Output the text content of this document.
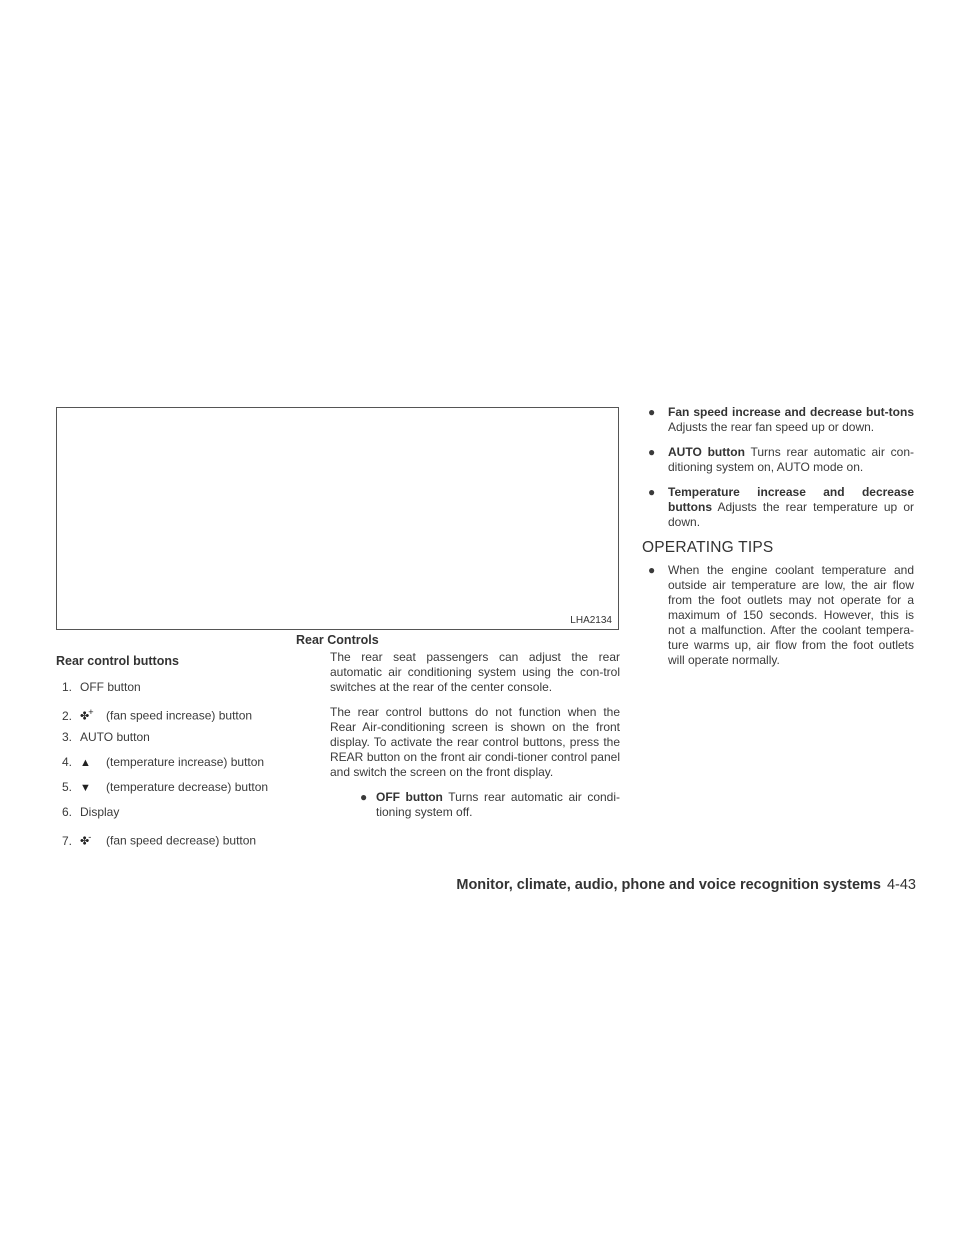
LHA2134
Rear Controls
Rear control buttons
1. OFF button
2. ✤+ (fan speed increase) button
3. AUTO button
4. ▲ (temperature increase) button
5. ▼ (temperature decrease) button
6. Display
7. ✤- (fan speed decrease) button

The rear seat passengers can adjust the rear automatic air conditioning system using the con-trol switches at the rear of the center console.

The rear control buttons do not function when the Rear Air-conditioning screen is shown on the front display. To activate the rear control buttons, press the REAR button on the front air condi-tioner control panel and switch the screen on the front display.

● OFF button Turns rear automatic air condi-tioning system off.
● Fan speed increase and decrease but-tons Adjusts the rear fan speed up or down.
● AUTO button Turns rear automatic air con-ditioning system on, AUTO mode on.
● Temperature increase and decrease buttons Adjusts the rear temperature up or down.
OPERATING TIPS
● When the engine coolant temperature and outside air temperature are low, the air flow from the foot outlets may not operate for a maximum of 150 seconds. However, this is not a malfunction. After the coolant tempera-ture warms up, air flow from the foot outlets will operate normally.
Monitor, climate, audio, phone and voice recognition systems 4-43
